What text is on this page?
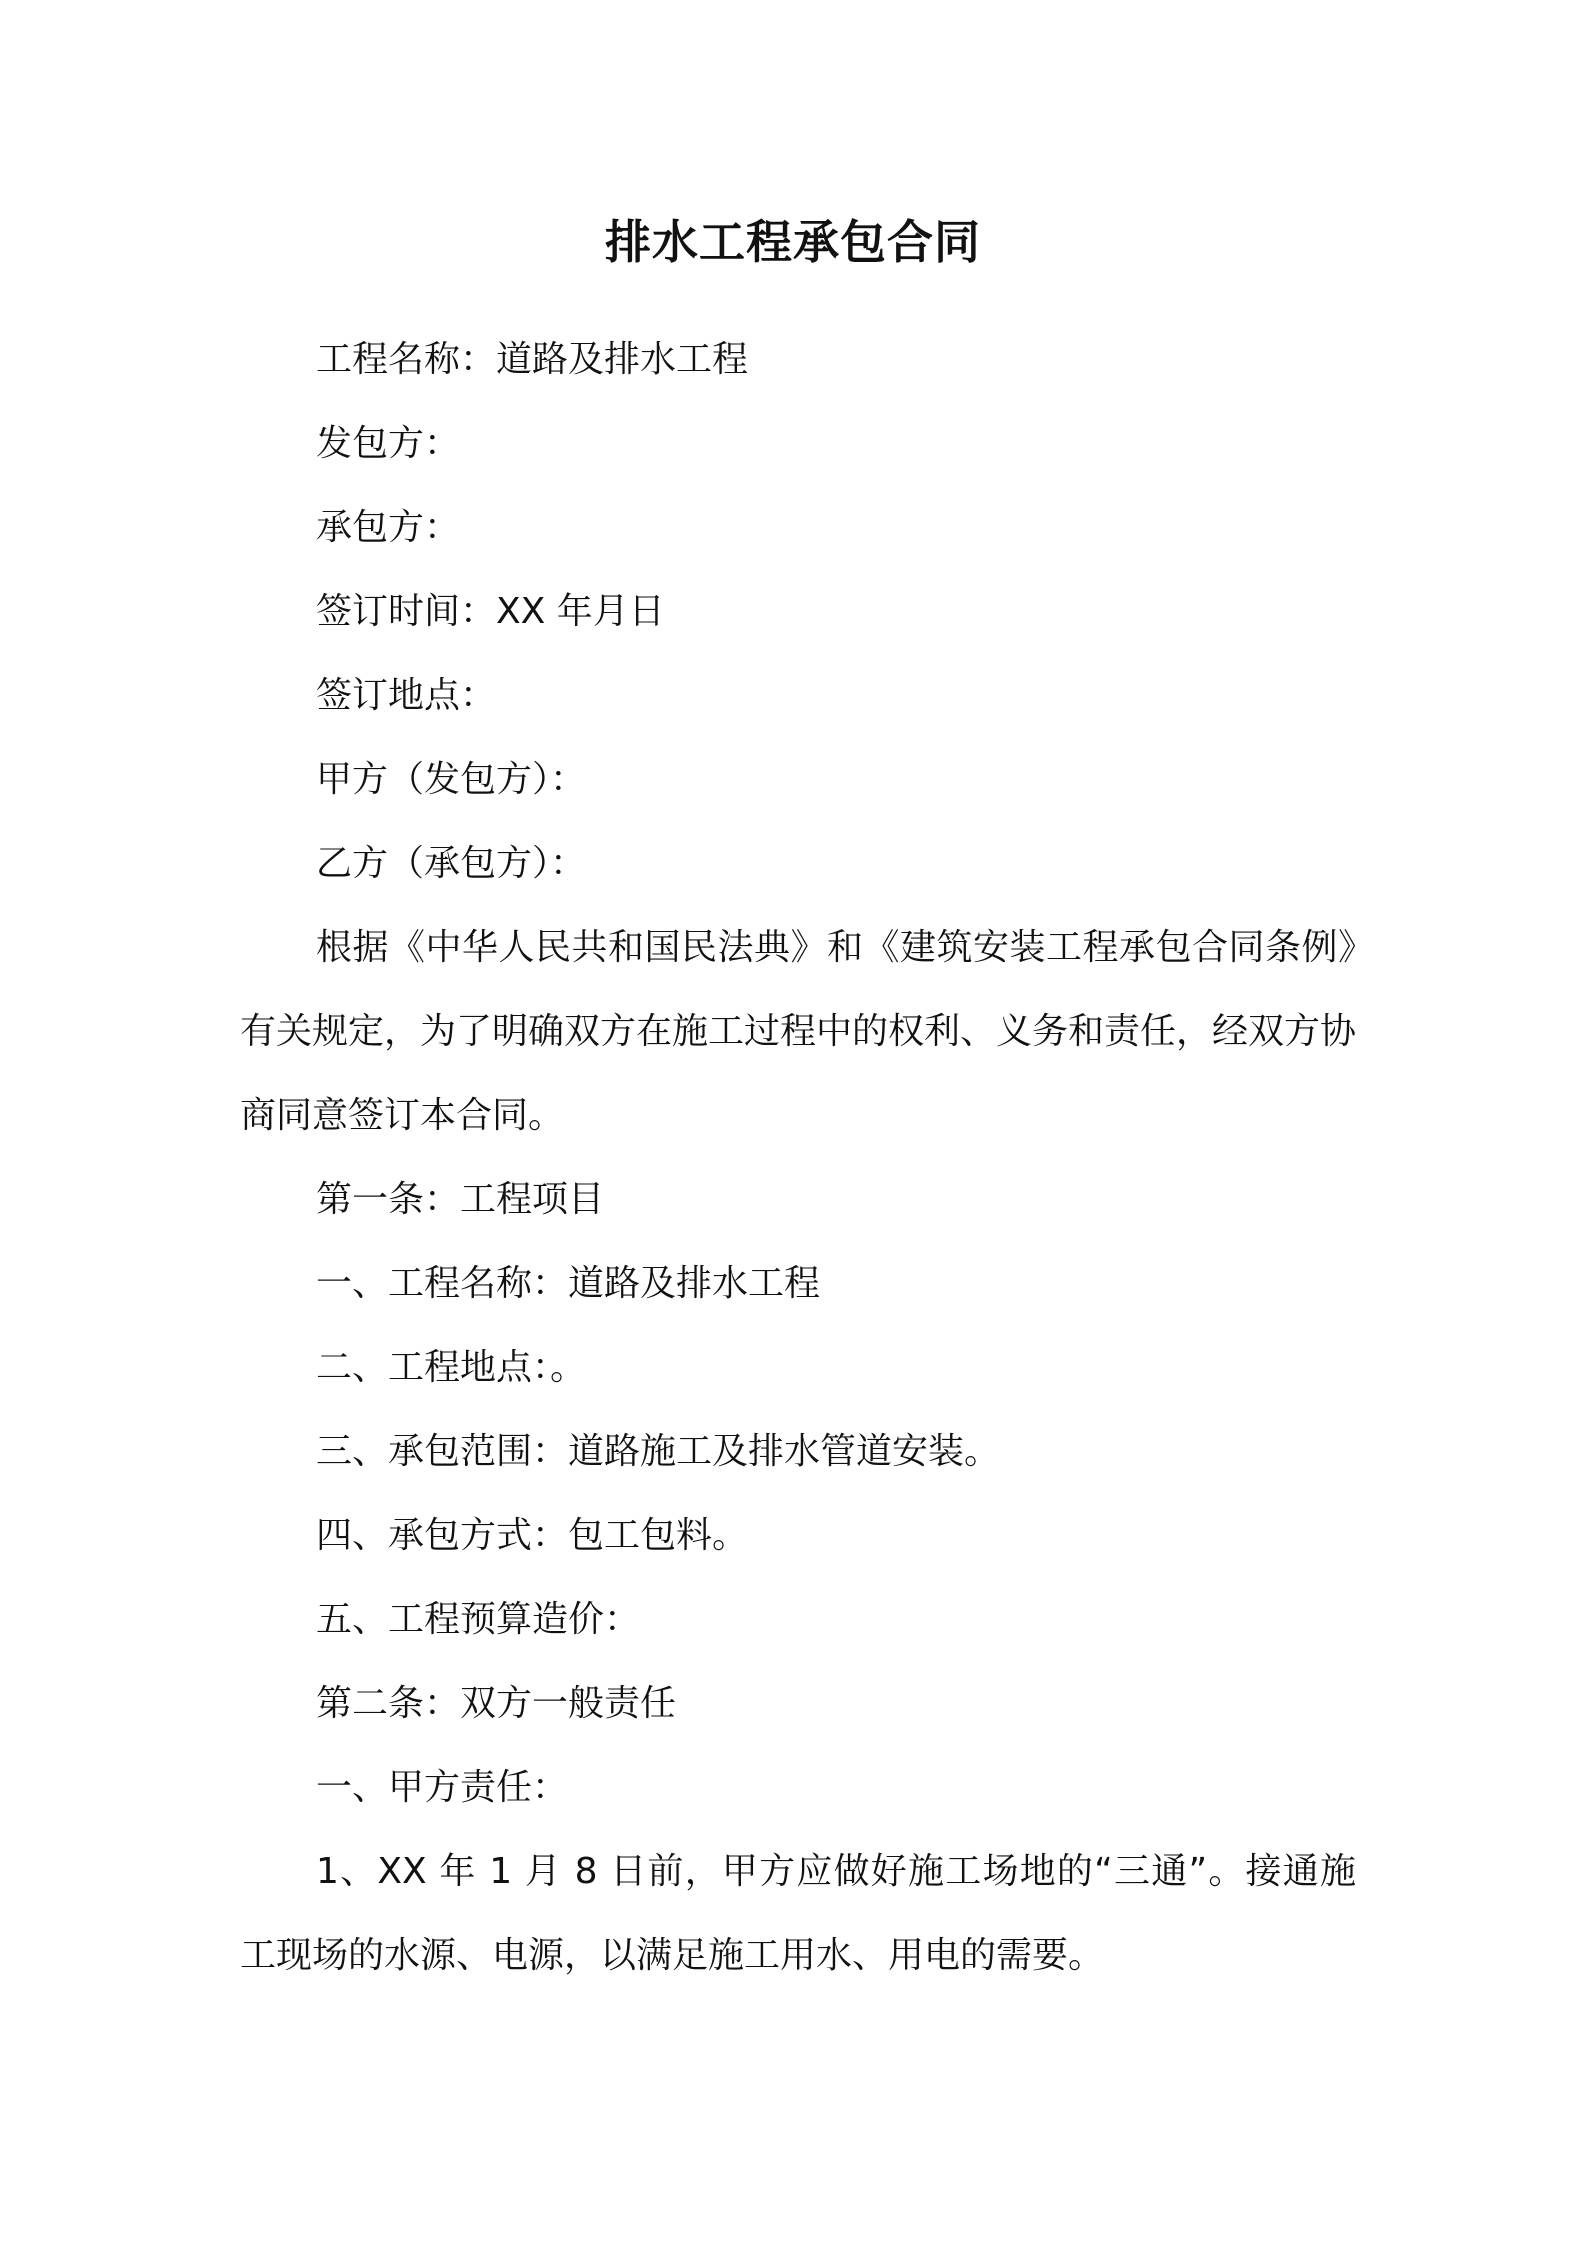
排水工程承包合同

工程名称：道路及排水工程

发包方：

承包方：

签订时间：XX 年月日

签订地点：

甲方（发包方）：

乙方（承包方）：

根据《中华人民共和国民法典》和《建筑安装工程承包合同条例》有关规定，为了明确双方在施工过程中的权利、义务和责任，经双方协商同意签订本合同。

第一条：工程项目

一、工程名称：道路及排水工程

二、工程地点：。

三、承包范围：道路施工及排水管道安装。

四、承包方式：包工包料。

五、工程预算造价：

第二条：双方一般责任

一、甲方责任：

1、XX 年 1 月 8 日前，甲方应做好施工场地的“三通”。接通施工现场的水源、电源，以满足施工用水、用电的需要。
